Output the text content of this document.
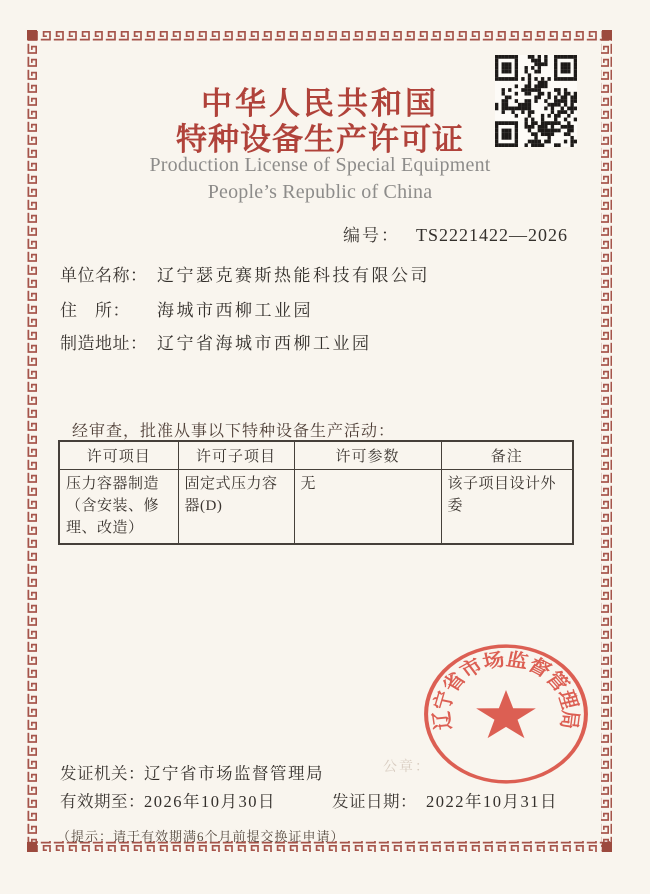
中华人民共和国
特种设备生产许可证
Production License of Special Equipment
People’s Republic of China
编号： TS2221422—2026
单位名称： 辽宁瑟克赛斯热能科技有限公司
住　所：	海城市西柳工业园
制造地址： 辽宁省海城市西柳工业园
经审查，批准从事以下特种设备生产活动：
许可项目	许可子项目	许可参数	备注
压力容器制造（含安装、修理、改造）	固定式压力容器(D)	无	该子项目设计外委
公章：
辽宁省市场监督管理局
发证机关： 辽宁省市场监督管理局
有效期至： 2026年10月30日	发证日期： 2022年10月31日
（提示：请于有效期满6个月前提交换证申请）
